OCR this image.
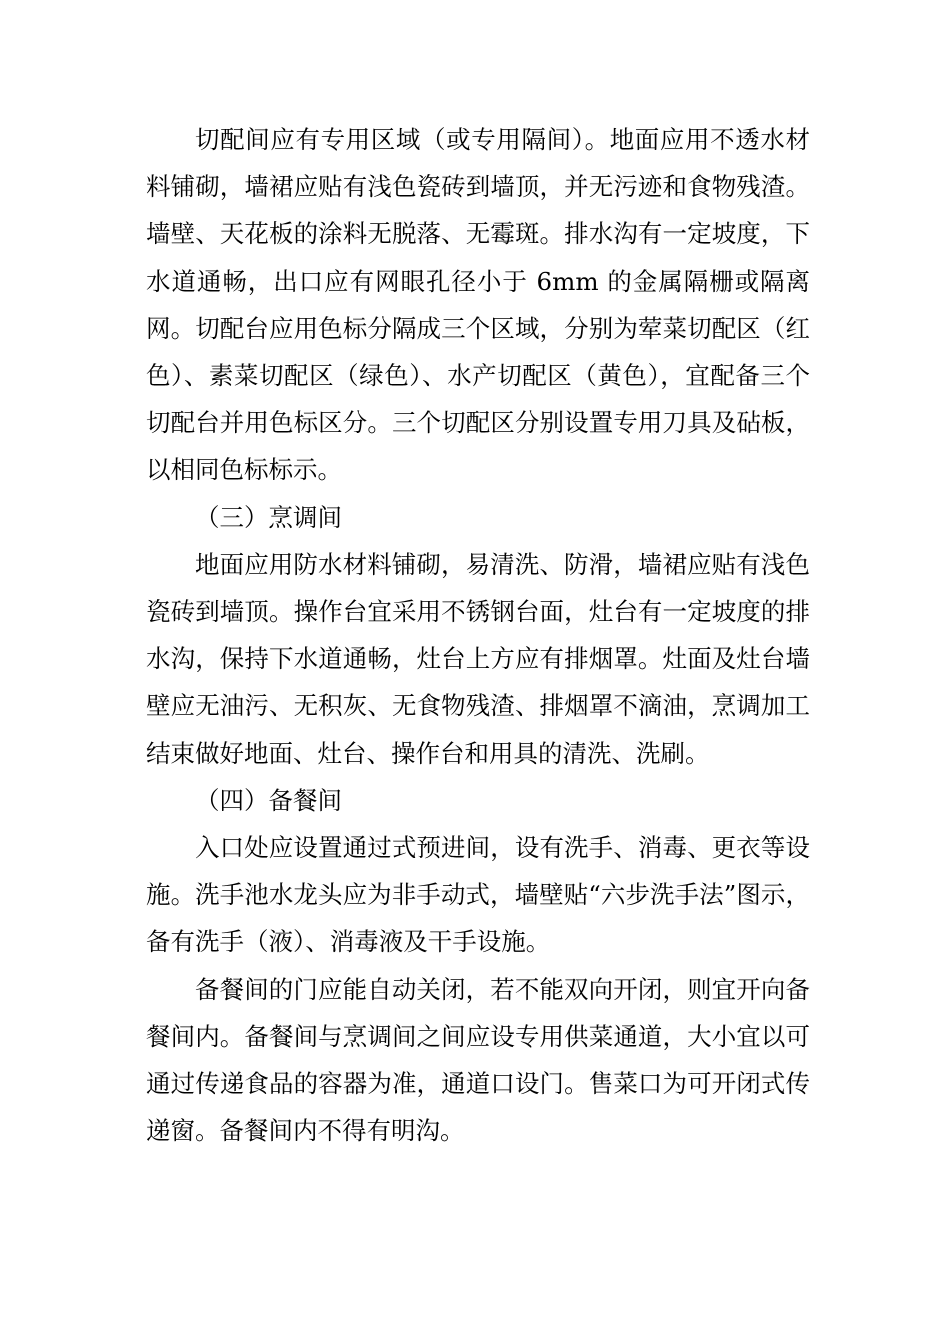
切配间应有专用区域（或专用隔间）。地面应用不透水材料铺砌，墙裙应贴有浅色瓷砖到墙顶，并无污迹和食物残渣。墙壁、天花板的涂料无脱落、无霉斑。排水沟有一定坡度，下水道通畅，出口应有网眼孔径小于 6mm 的金属隔栅或隔离网。切配台应用色标分隔成三个区域，分别为荤菜切配区（红色）、素菜切配区（绿色）、水产切配区（黄色），宜配备三个切配台并用色标区分。三个切配区分别设置专用刀具及砧板，以相同色标标示。

（三）烹调间

地面应用防水材料铺砌，易清洗、防滑，墙裙应贴有浅色瓷砖到墙顶。操作台宜采用不锈钢台面，灶台有一定坡度的排水沟，保持下水道通畅，灶台上方应有排烟罩。灶面及灶台墙壁应无油污、无积灰、无食物残渣、排烟罩不滴油，烹调加工结束做好地面、灶台、操作台和用具的清洗、洗刷。

（四）备餐间

入口处应设置通过式预进间，设有洗手、消毒、更衣等设施。洗手池水龙头应为非手动式，墙壁贴“六步洗手法”图示，备有洗手（液）、消毒液及干手设施。

备餐间的门应能自动关闭，若不能双向开闭，则宜开向备餐间内。备餐间与烹调间之间应设专用供菜通道，大小宜以可通过传递食品的容器为准，通道口设门。售菜口为可开闭式传递窗。备餐间内不得有明沟。
